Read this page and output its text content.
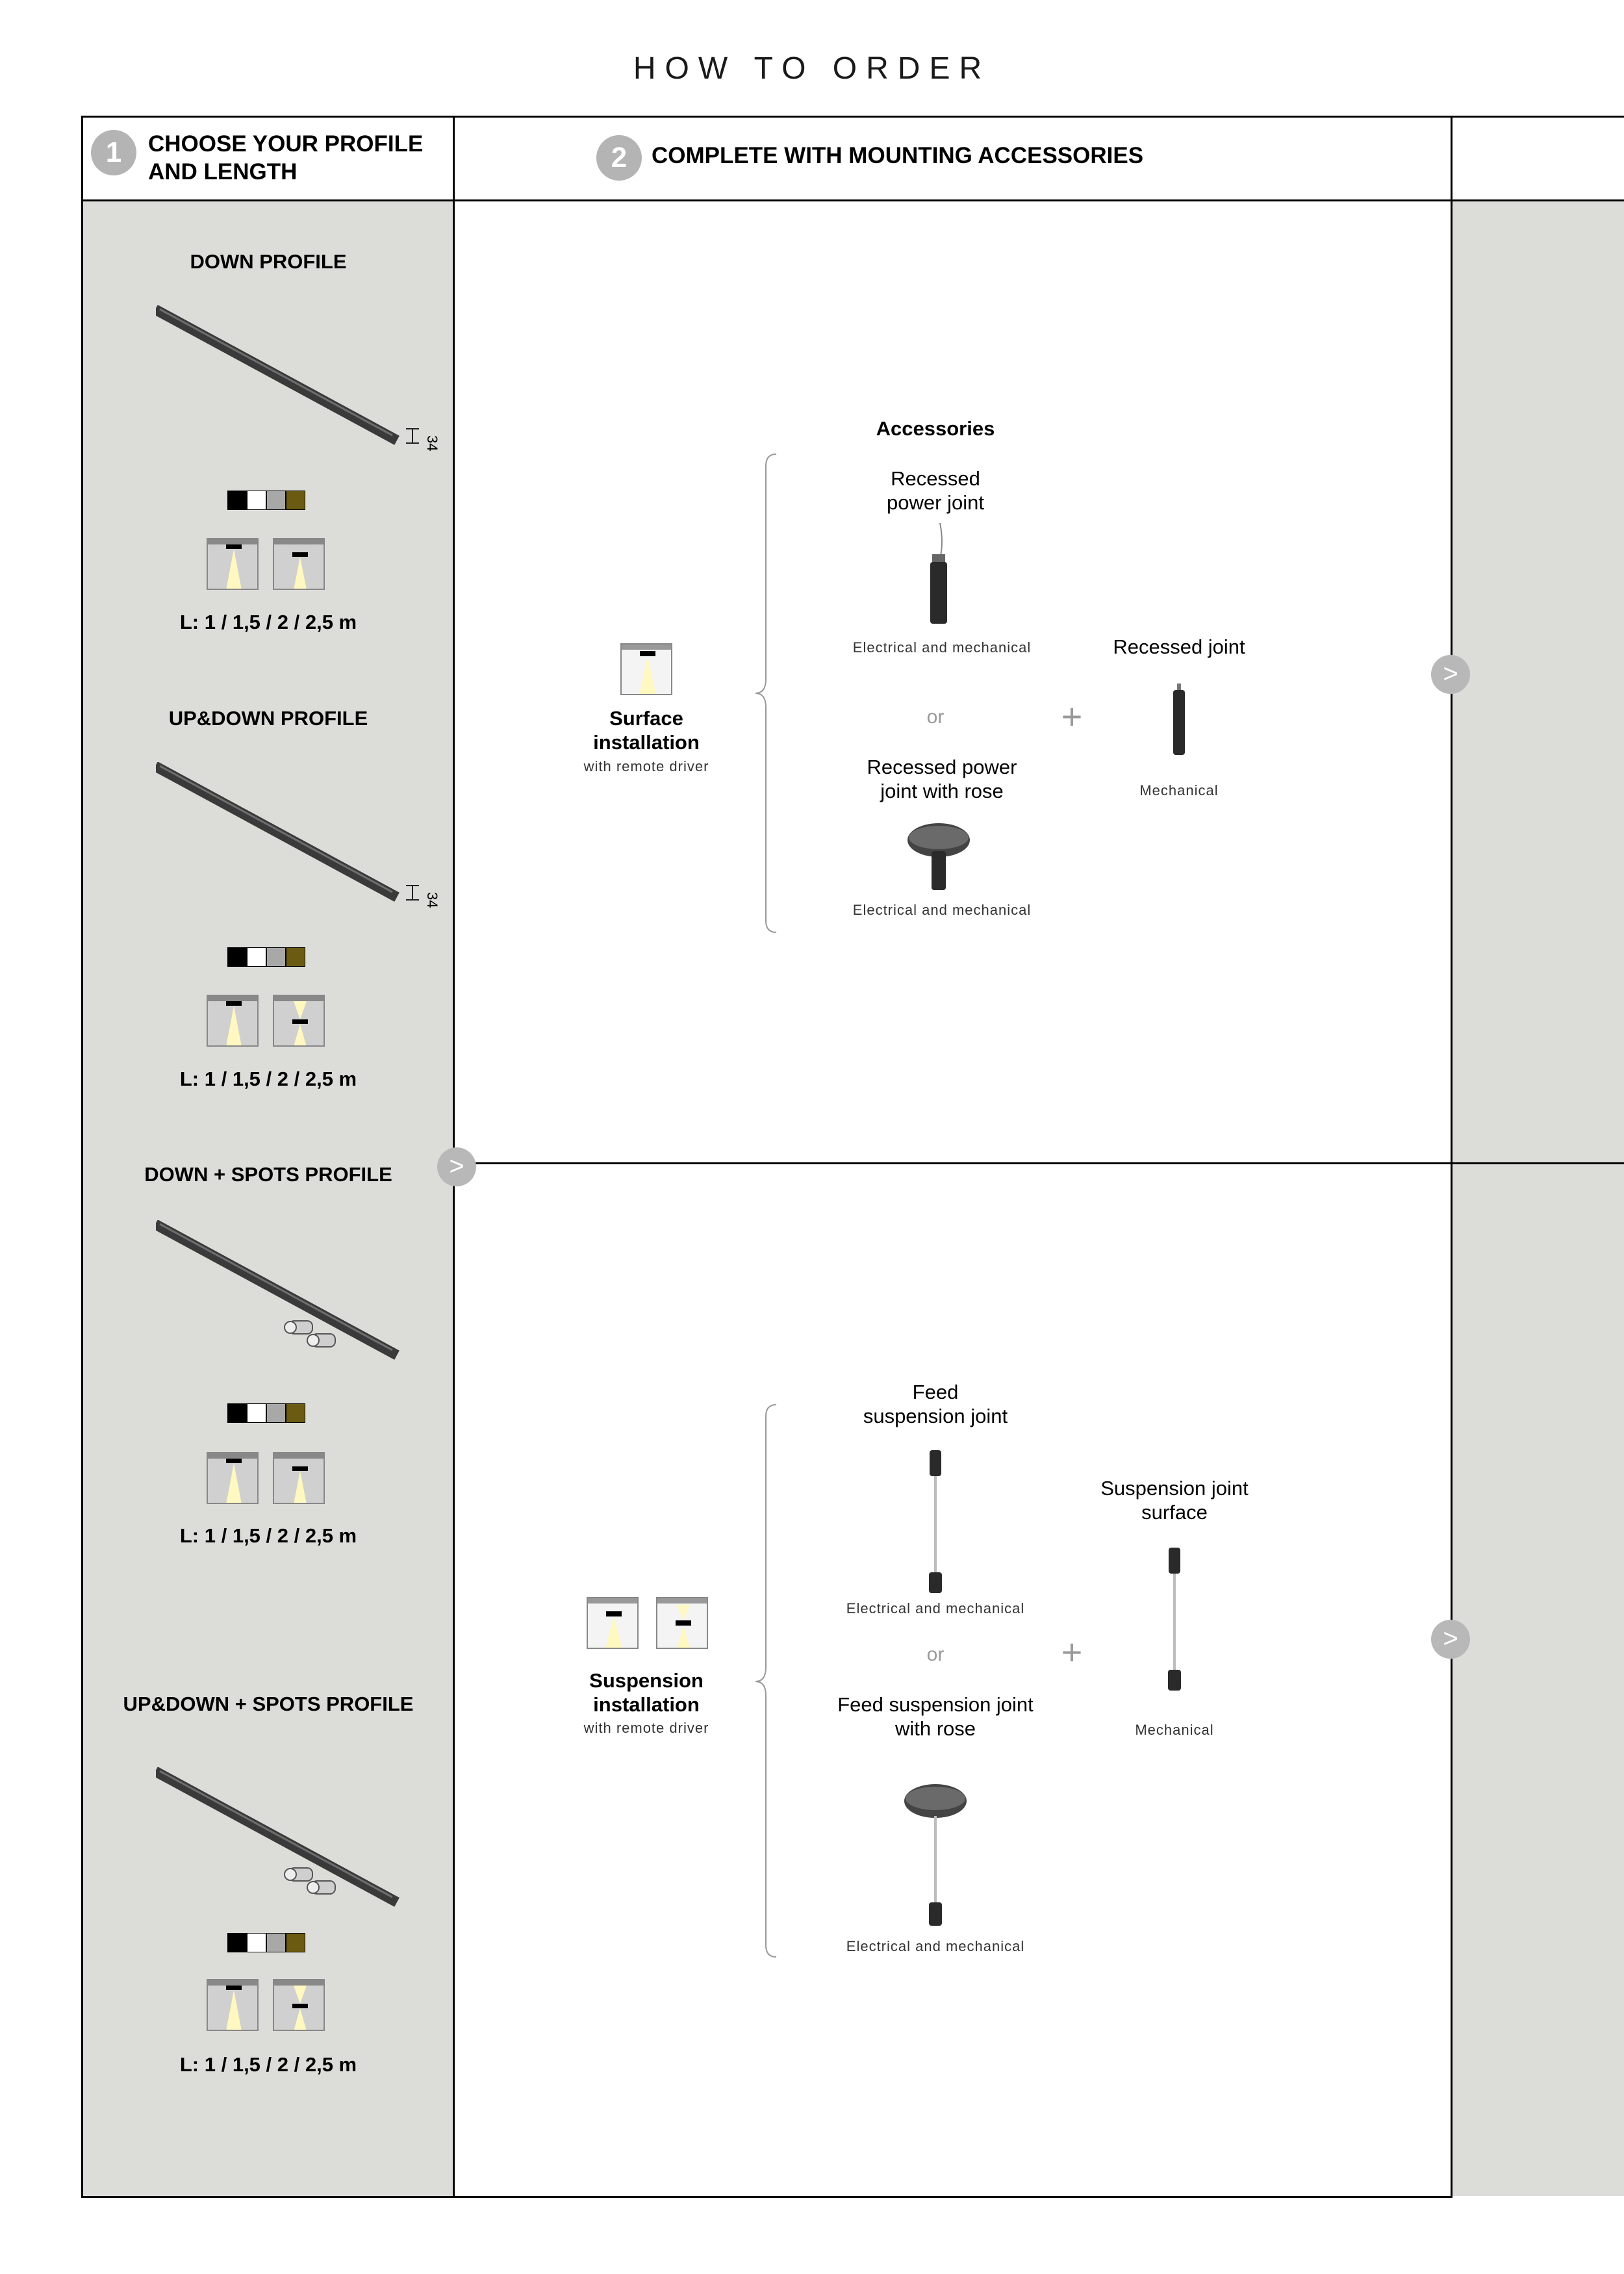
HOW TO ORDER
1	CHOOSE YOUR PROFILE
AND LENGTH	2	COMPLETE WITH MOUNTING ACCESSORIES
DOWN PROFILE
34
L: 1 / 1,5 / 2 / 2,5 m
UP&DOWN PROFILE
34
L: 1 / 1,5 / 2 / 2,5 m
DOWN + SPOTS PROFILE
L: 1 / 1,5 / 2 / 2,5 m
UP&DOWN + SPOTS PROFILE
L: 1 / 1,5 / 2 / 2,5 m
>
Surface
installation
with remote driver
Accessories
Recessed
power joint
Electrical and mechanical
or	+
Recessed power
joint with rose
Electrical and mechanical
Recessed joint
Mechanical
>
Suspension
installation
with remote driver
Feed
suspension joint
Electrical and mechanical
or	+
Feed suspension joint
with rose
Electrical and mechanical
Suspension joint
surface
Mechanical
>
